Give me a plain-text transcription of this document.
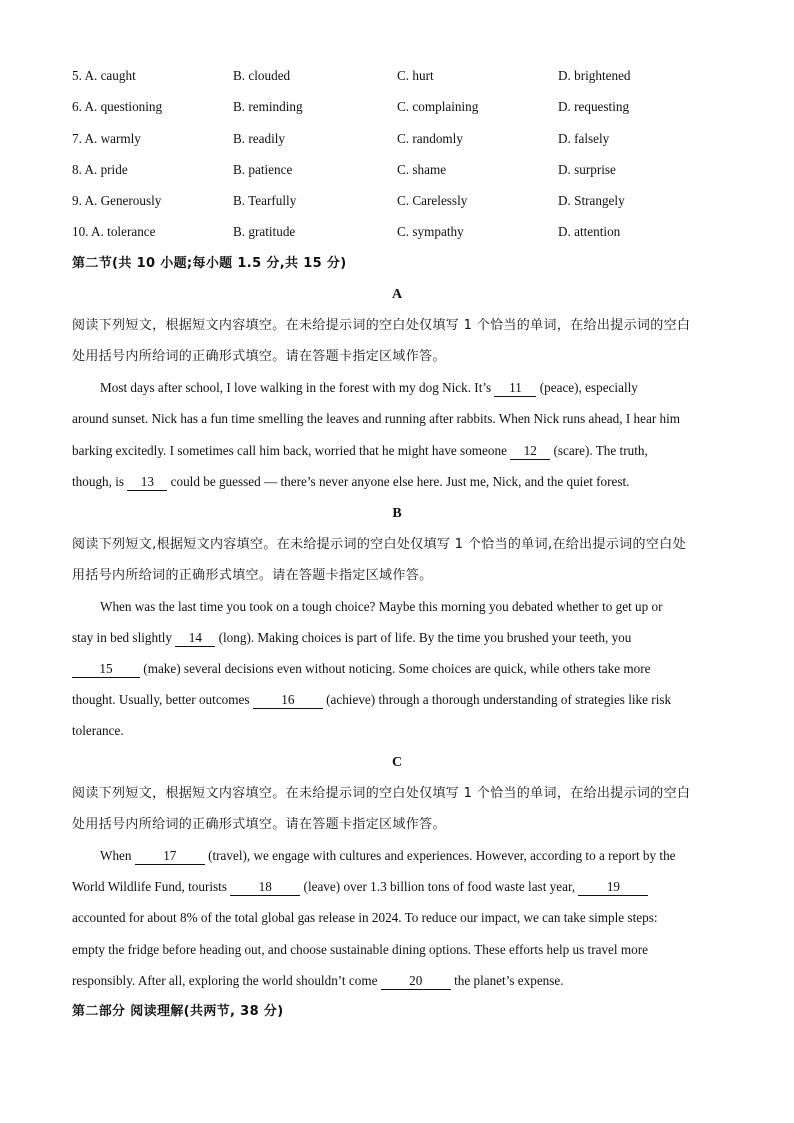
5. A. caught	B. clouded	C. hurt	D. brightened
6. A. questioning	B. reminding	C. complaining	D. requesting
7. A. warmly	B. readily	C. randomly	D. falsely
8. A. pride	B. patience	C. shame	D. surprise
9. A. Generously	B. Tearfully	C. Carelessly	D. Strangely
10. A. tolerance	B. gratitude	C. sympathy	D. attention
第二节(共 10 小题;每小题 1.5 分,共 15 分)
A
阅读下列短文，根据短文内容填空。在未给提示词的空白处仅填写 1 个恰当的单词，在给出提示词的空白
处用括号内所给词的正确形式填空。请在答题卡指定区域作答。
Most days after school, I love walking in the forest with my dog Nick. It’s 11 (peace), especially
around sunset. Nick has a fun time smelling the leaves and running after rabbits. When Nick runs ahead, I hear him
barking excitedly. I sometimes call him back, worried that he might have someone 12 (scare). The truth,
though, is 13 could be guessed — there’s never anyone else here. Just me, Nick, and the quiet forest.
B
阅读下列短文,根据短文内容填空。在未给提示词的空白处仅填写 1 个恰当的单词,在给出提示词的空白处
用括号内所给词的正确形式填空。请在答题卡指定区域作答。
When was the last time you took on a tough choice? Maybe this morning you debated whether to get up or
stay in bed slightly 14 (long). Making choices is part of life. By the time you brushed your teeth, you
15 (make) several decisions even without noticing. Some choices are quick, while others take more
thought. Usually, better outcomes 16 (achieve) through a thorough understanding of strategies like risk
tolerance.
C
阅读下列短文，根据短文内容填空。在未给提示词的空白处仅填写 1 个恰当的单词，在给出提示词的空白
处用括号内所给词的正确形式填空。请在答题卡指定区域作答。
When 17 (travel), we engage with cultures and experiences. However, according to a report by the
World Wildlife Fund, tourists 18 (leave) over 1.3 billion tons of food waste last year, 19
accounted for about 8% of the total global gas release in 2024. To reduce our impact, we can take simple steps:
empty the fridge before heading out, and choose sustainable dining options. These efforts help us travel more
responsibly. After all, exploring the world shouldn’t come 20 the planet’s expense.
第二部分 阅读理解(共两节, 38 分)
